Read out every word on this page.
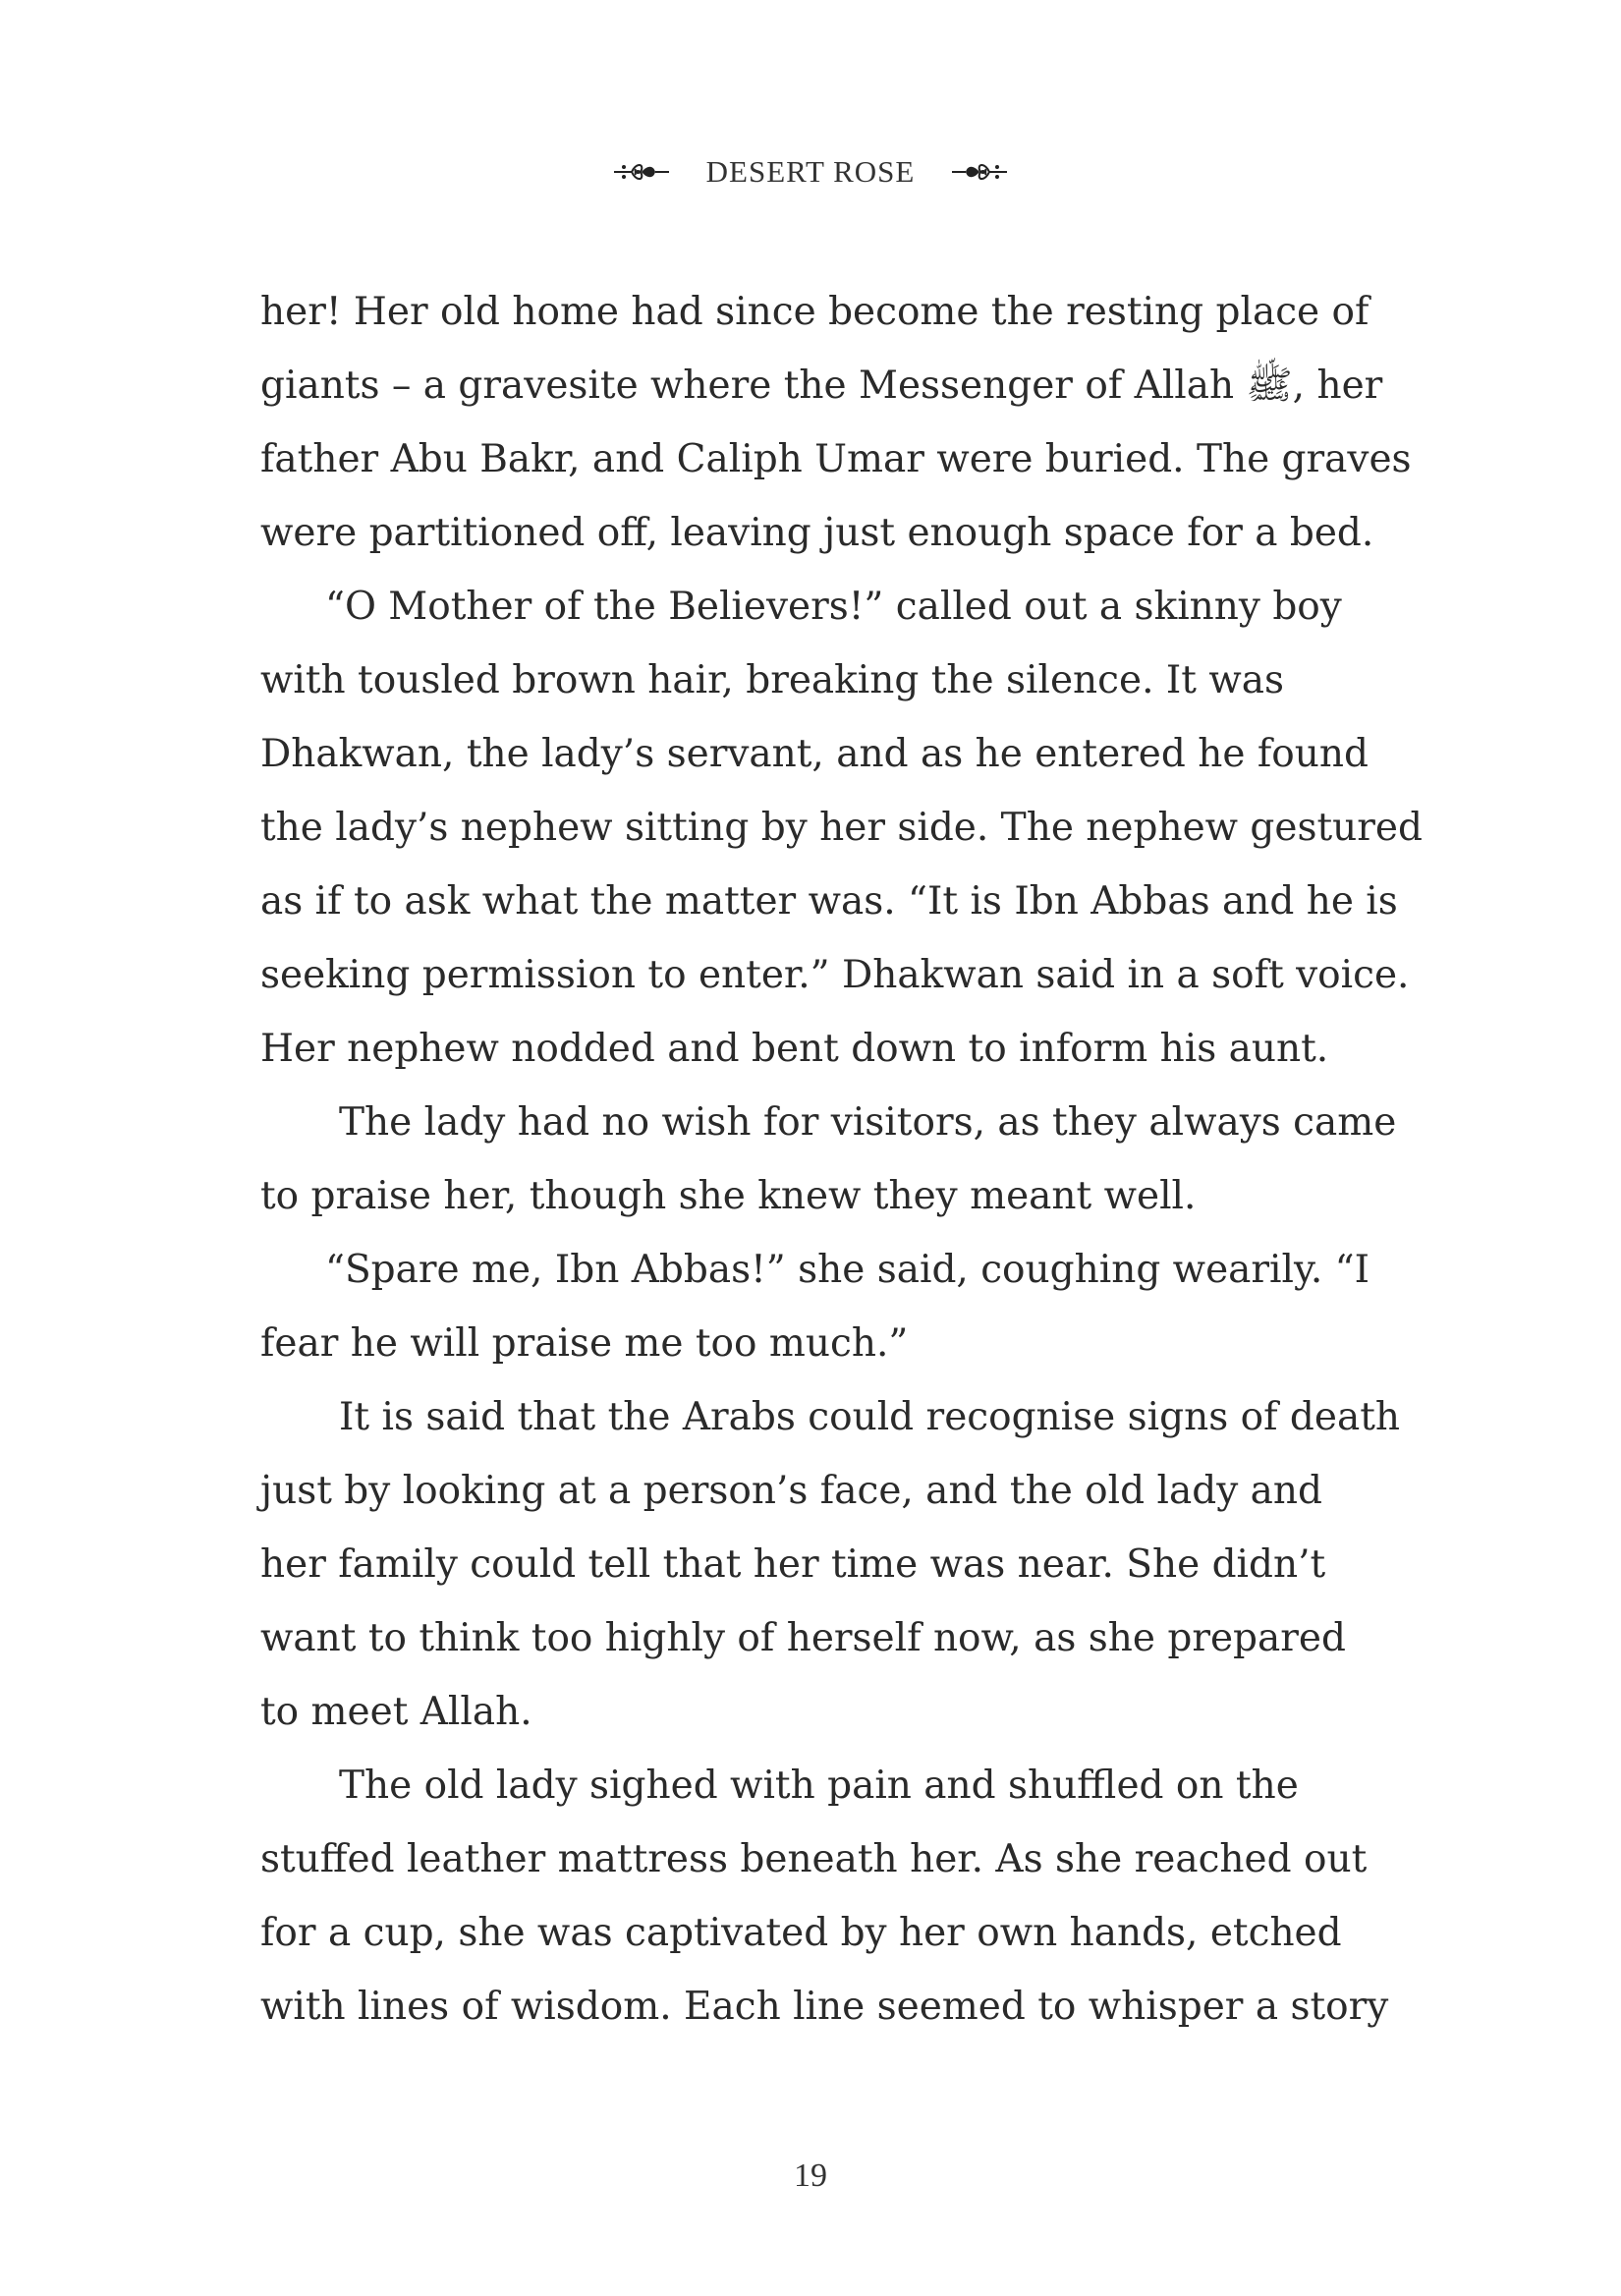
DESERT ROSE
her! Her old home had since become the resting place of
giants – a gravesite where the Messenger of Allah ﷺ, her
father Abu Bakr, and Caliph Umar were buried. The graves
were partitioned off, leaving just enough space for a bed.
“O Mother of the Believers!” called out a skinny boy
with tousled brown hair, breaking the silence. It was
Dhakwan, the lady’s servant, and as he entered he found
the lady’s nephew sitting by her side. The nephew gestured
as if to ask what the matter was. “It is Ibn Abbas and he is
seeking permission to enter.” Dhakwan said in a soft voice.
Her nephew nodded and bent down to inform his aunt.
The lady had no wish for visitors, as they always came
to praise her, though she knew they meant well.
“Spare me, Ibn Abbas!” she said, coughing wearily. “I
fear he will praise me too much.”
It is said that the Arabs could recognise signs of death
just by looking at a person’s face, and the old lady and
her family could tell that her time was near. She didn’t
want to think too highly of herself now, as she prepared
to meet Allah.
The old lady sighed with pain and shuffled on the
stuffed leather mattress beneath her. As she reached out
for a cup, she was captivated by her own hands, etched
with lines of wisdom. Each line seemed to whisper a story
19
